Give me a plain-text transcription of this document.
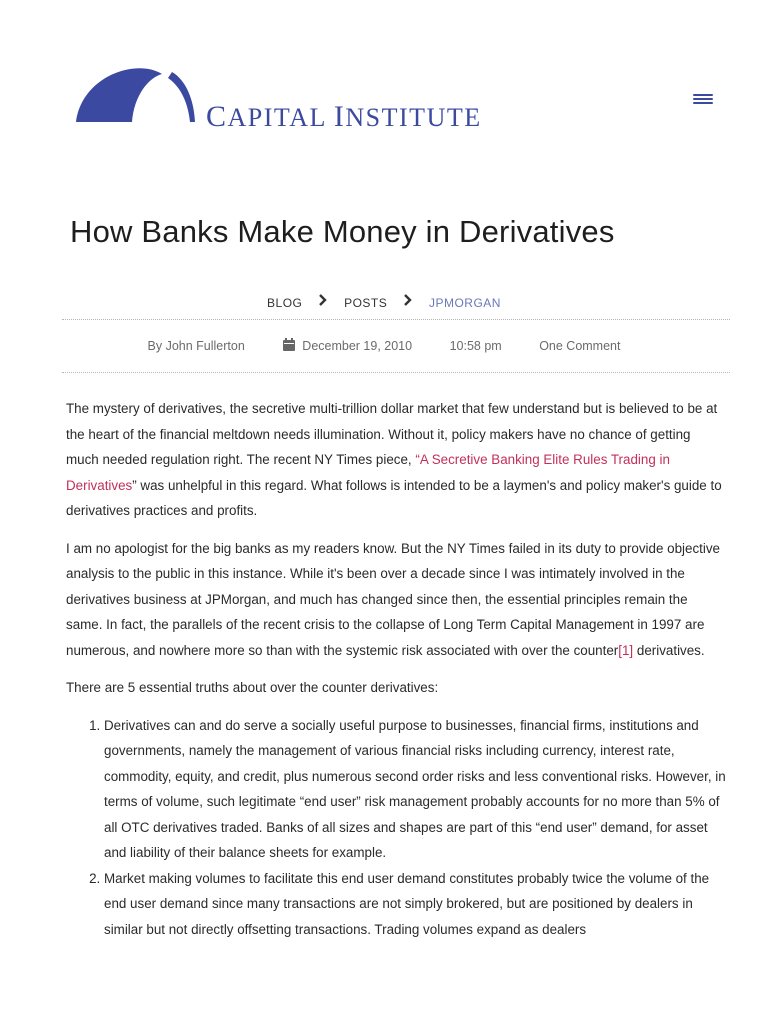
CAPITAL INSTITUTE
How Banks Make Money in Derivatives
BLOG	POSTS	JPMORGAN
By John Fullerton	December 19, 2010	10:58 pm	One Comment

The mystery of derivatives, the secretive multi-trillion dollar market that few understand but is believed to be at the heart of the financial meltdown needs illumination. Without it, policy makers have no chance of getting much needed regulation right. The recent NY Times piece, “A Secretive Banking Elite Rules Trading in Derivatives” was unhelpful in this regard. What follows is intended to be a laymen's and policy maker's guide to derivatives practices and profits.

I am no apologist for the big banks as my readers know. But the NY Times failed in its duty to provide objective analysis to the public in this instance. While it's been over a decade since I was intimately involved in the derivatives business at JPMorgan, and much has changed since then, the essential principles remain the same. In fact, the parallels of the recent crisis to the collapse of Long Term Capital Management in 1997 are numerous, and nowhere more so than with the systemic risk associated with over the counter[1] derivatives.

There are 5 essential truths about over the counter derivatives:

1. Derivatives can and do serve a socially useful purpose to businesses, financial firms, institutions and governments, namely the management of various financial risks including currency, interest rate, commodity, equity, and credit, plus numerous second order risks and less conventional risks. However, in terms of volume, such legitimate “end user” risk management probably accounts for no more than 5% of all OTC derivatives traded. Banks of all sizes and shapes are part of this “end user” demand, for asset and liability of their balance sheets for example.
2. Market making volumes to facilitate this end user demand constitutes probably twice the volume of the end user demand since many transactions are not simply brokered, but are positioned by dealers in similar but not directly offsetting transactions. Trading volumes expand as dealers
